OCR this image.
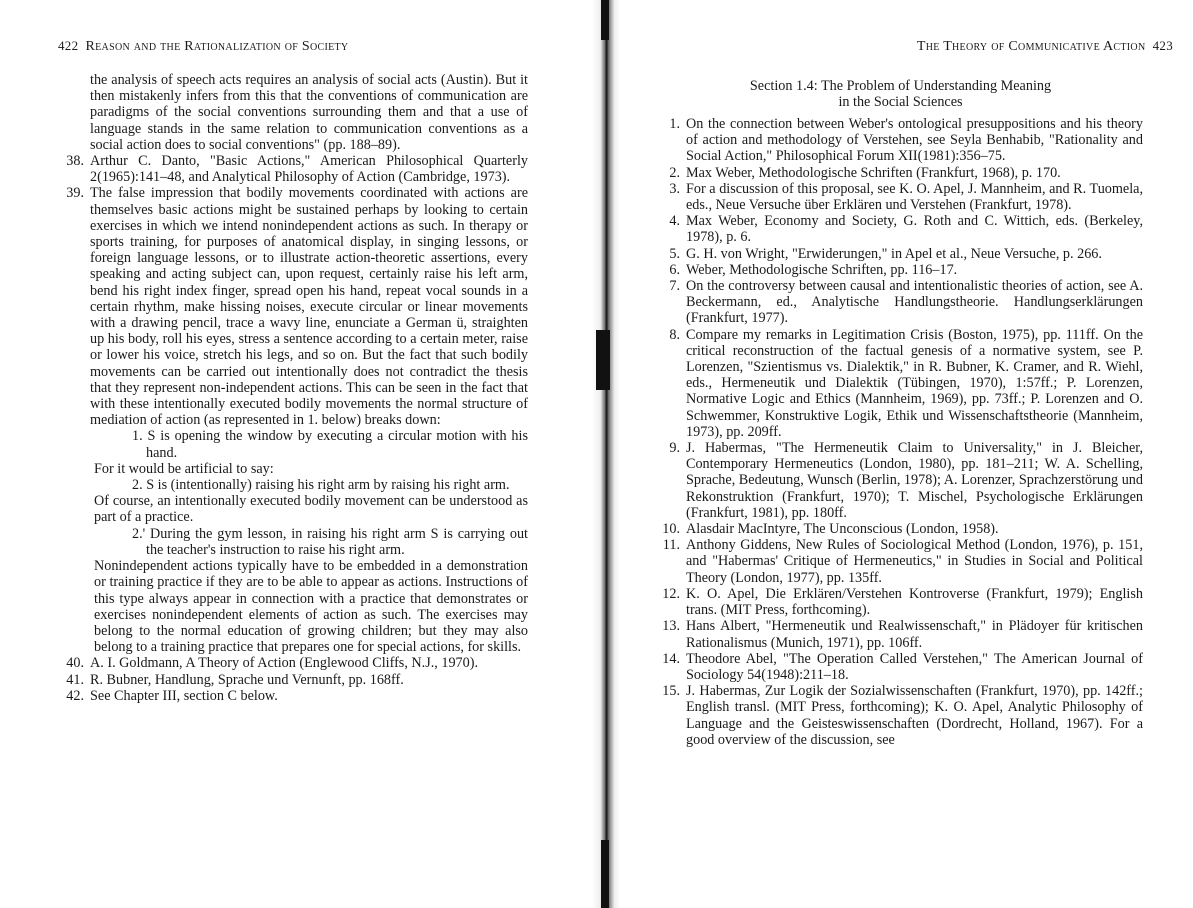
422 Reason and the Rationalization of Society

the analysis of speech acts requires an analysis of social acts (Austin). But it then mistakenly infers from this that the conventions of communication are paradigms of the social conventions surrounding them and that a use of language stands in the same relation to communication conventions as a social action does to social conventions" (pp. 188–89).

38. Arthur C. Danto, "Basic Actions," American Philosophical Quarterly 2(1965):141–48, and Analytical Philosophy of Action (Cambridge, 1973).

39. The false impression that bodily movements coordinated with actions are themselves basic actions might be sustained perhaps by looking to certain exercises in which we intend nonindependent actions as such. In therapy or sports training, for purposes of anatomical display, in singing lessons, or foreign language lessons, or to illustrate action-theoretic assertions, every speaking and acting subject can, upon request, certainly raise his left arm, bend his right index finger, spread open his hand, repeat vocal sounds in a certain rhythm, make hissing noises, execute circular or linear movements with a drawing pencil, trace a wavy line, enunciate a German ü, straighten up his body, roll his eyes, stress a sentence according to a certain meter, raise or lower his voice, stretch his legs, and so on. But the fact that such bodily movements can be carried out intentionally does not contradict the thesis that they represent non-independent actions. This can be seen in the fact that with these intentionally executed bodily movements the normal structure of mediation of action (as represented in 1. below) breaks down:

1. S is opening the window by executing a circular motion with his hand.

For it would be artificial to say:

2. S is (intentionally) raising his right arm by raising his right arm.

Of course, an intentionally executed bodily movement can be understood as part of a practice.

2.' During the gym lesson, in raising his right arm S is carrying out the teacher's instruction to raise his right arm.

Nonindependent actions typically have to be embedded in a demonstration or training practice if they are to be able to appear as actions. Instructions of this type always appear in connection with a practice that demonstrates or exercises nonindependent elements of action as such. The exercises may belong to the normal education of growing children; but they may also belong to a training practice that prepares one for special actions, for skills.

40. A. I. Goldmann, A Theory of Action (Englewood Cliffs, N.J., 1970).

41. R. Bubner, Handlung, Sprache und Vernunft, pp. 168ff.

42. See Chapter III, section C below.

The Theory of Communicative Action 423
Section 1.4: The Problem of Understanding Meaning
in the Social Sciences

1. On the connection between Weber's ontological presuppositions and his theory of action and methodology of Verstehen, see Seyla Benhabib, "Rationality and Social Action," Philosophical Forum XII(1981):356–75.

2. Max Weber, Methodologische Schriften (Frankfurt, 1968), p. 170.

3. For a discussion of this proposal, see K. O. Apel, J. Mannheim, and R. Tuomela, eds., Neue Versuche über Erklären und Verstehen (Frankfurt, 1978).

4. Max Weber, Economy and Society, G. Roth and C. Wittich, eds. (Berkeley, 1978), p. 6.

5. G. H. von Wright, "Erwiderungen," in Apel et al., Neue Versuche, p. 266.

6. Weber, Methodologische Schriften, pp. 116–17.

7. On the controversy between causal and intentionalistic theories of action, see A. Beckermann, ed., Analytische Handlungstheorie. Handlungserklärungen (Frankfurt, 1977).

8. Compare my remarks in Legitimation Crisis (Boston, 1975), pp. 111ff. On the critical reconstruction of the factual genesis of a normative system, see P. Lorenzen, "Szientismus vs. Dialektik," in R. Bubner, K. Cramer, and R. Wiehl, eds., Hermeneutik und Dialektik (Tübingen, 1970), 1:57ff.; P. Lorenzen, Normative Logic and Ethics (Mannheim, 1969), pp. 73ff.; P. Lorenzen and O. Schwemmer, Konstruktive Logik, Ethik und Wissenschaftstheorie (Mannheim, 1973), pp. 209ff.

9. J. Habermas, "The Hermeneutik Claim to Universality," in J. Bleicher, Contemporary Hermeneutics (London, 1980), pp. 181–211; W. A. Schelling, Sprache, Bedeutung, Wunsch (Berlin, 1978); A. Lorenzer, Sprachzerstörung und Rekonstruktion (Frankfurt, 1970); T. Mischel, Psychologische Erklärungen (Frankfurt, 1981), pp. 180ff.

10. Alasdair MacIntyre, The Unconscious (London, 1958).

11. Anthony Giddens, New Rules of Sociological Method (London, 1976), p. 151, and "Habermas' Critique of Hermeneutics," in Studies in Social and Political Theory (London, 1977), pp. 135ff.

12. K. O. Apel, Die Erklären/Verstehen Kontroverse (Frankfurt, 1979); English trans. (MIT Press, forthcoming).

13. Hans Albert, "Hermeneutik und Realwissenschaft," in Plädoyer für kritischen Rationalismus (Munich, 1971), pp. 106ff.

14. Theodore Abel, "The Operation Called Verstehen," The American Journal of Sociology 54(1948):211–18.

15. J. Habermas, Zur Logik der Sozialwissenschaften (Frankfurt, 1970), pp. 142ff.; English transl. (MIT Press, forthcoming); K. O. Apel, Analytic Philosophy of Language and the Geisteswissenschaften (Dordrecht, Holland, 1967). For a good overview of the discussion, see
